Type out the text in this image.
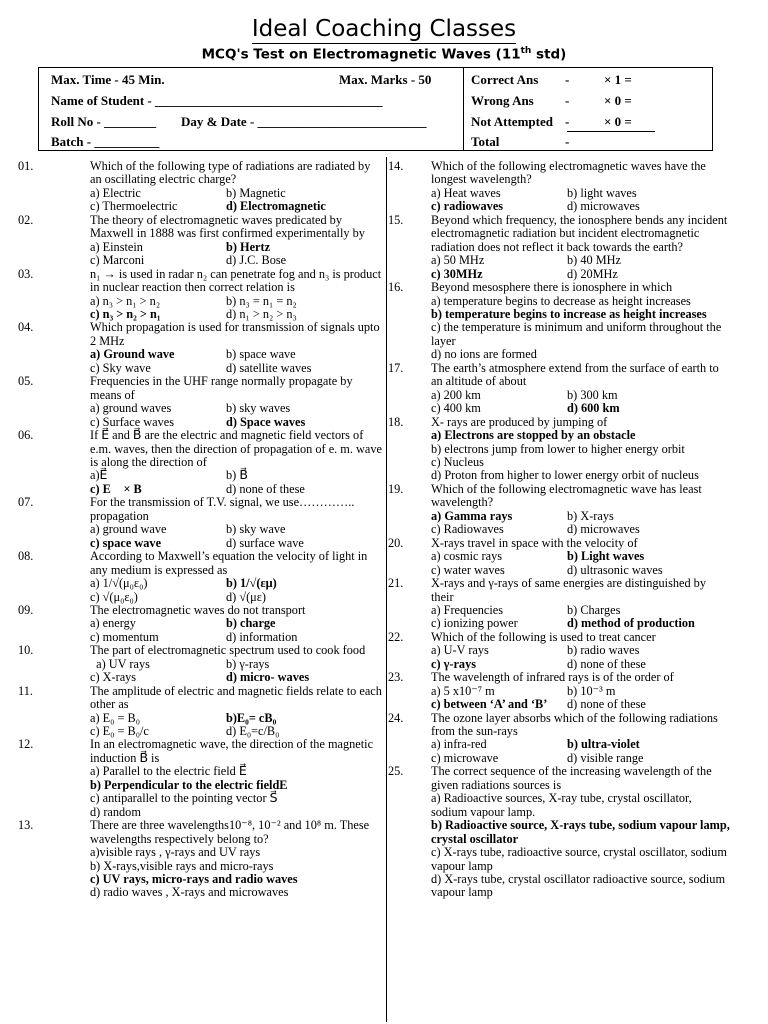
Ideal Coaching Classes
MCQ's Test on Electromagnetic Waves (11th std)
Max. Time - 45 Min.	Max. Marks - 50
Name of Student - ___________________________________
Roll No - ________ Day & Date - __________________________
Batch - __________
Correct Ans -	× 1 =
Wrong Ans -	× 0 =
Not Attempted -	× 0 =
Total	-
01.	Which of the following type of radiations are radiated by an oscillating electric charge?
a) Electric	b) Magnetic
c) Thermoelectric	d) Electromagnetic
02.	The theory of electromagnetic waves predicated by Maxwell in 1888 was first confirmed experimentally by
a) Einstein	b) Hertz
c) Marconi	d) J.C. Bose
03.	n₁ → is used in radar n₂ can penetrate fog and n₃ is product in nuclear reaction then correct relation is
a) n₃ > n₁ > n₂	b) n₃ = n₁ = n₂
c) n₃ > n₂ > n₁	d) n₁ > n₂ > n₃
04.	Which propagation is used for transmission of signals upto 2 MHz
a) Ground wave	b) space wave
c) Sky wave	d) satellite waves
05.	Frequencies in the UHF range normally propagate by means of
a) ground waves	b) sky waves
c) Surface waves	d) Space waves
06.	If E⃗ and B⃗ are the electric and magnetic field vectors of e.m. waves, then the direction of propagation of e. m. wave is along the direction of
a)E⃗	b) B⃗
c) E⃗ × B⃗	d) none of these
07.	For the transmission of T.V. signal, we use………….. propagation
a) ground wave	b) sky wave
c) space wave	d) surface wave
08.	According to Maxwell’s equation the velocity of light in any medium is expressed as
a) 1/√(μ₀ε₀)	b) 1/√(εμ)
c) √(μ₀ε₀)	d) √(με)
09.	The electromagnetic waves do not transport
a) energy	b) charge
c) momentum	d) information
10.	The part of electromagnetic spectrum used to cook food
a) UV rays	b) γ-rays
c) X-rays	d) micro- waves
11.	The amplitude of electric and magnetic fields relate to each other as
a) E₀ = B₀	b)E₀= cB₀
c) E₀ = B₀/c	d) E₀=c/B₀
12.	In an electromagnetic wave, the direction of the magnetic induction B⃗ is
a) Parallel to the electric field E⃗
b) Perpendicular to the electric fieldE⃗
c) antiparallel to the pointing vector S⃗
d) random
13.	There are three wavelengths10⁻⁸, 10⁻² and 10⁸ m. These wavelengths respectively belong to?
a)visible rays , γ-rays and UV rays
b) X-rays,visible rays and micro-rays
c) UV rays, micro-rays and radio waves
d) radio waves , X-rays and microwaves
14. Which of the following electromagnetic waves have the longest wavelength?
a) Heat waves	b) light waves
c) radiowaves	d) microwaves
15. Beyond which frequency, the ionosphere bends any incident electromagnetic radiation but incident electromagnetic radiation does not reflect it back towards the earth?
a) 50 MHz	b) 40 MHz
c) 30MHz	d) 20MHz
16. Beyond mesosphere there is ionosphere in which
a) temperature begins to decrease as height increases
b) temperature begins to increase as height increases
c) the temperature is minimum and uniform throughout the layer
d) no ions are formed
17. The earth’s atmosphere extend from the surface of earth to an altitude of about
a) 200 km	b) 300 km
c) 400 km	d) 600 km
18. X- rays are produced by jumping of
a) Electrons are stopped by an obstacle
b) electrons jump from lower to higher energy orbit
c) Nucleus
d) Proton from higher to lower energy orbit of nucleus
19. Which of the following electromagnetic wave has least wavelength?
a) Gamma rays	b) X-rays
c) Radiowaves	d) microwaves
20. X-rays travel in space with the velocity of
a) cosmic rays	b) Light waves
c) water waves	d) ultrasonic waves
21. X-rays and γ-rays of same energies are distinguished by their
a) Frequencies	b) Charges
c) ionizing power	d) method of production
22. Which of the following is used to treat cancer
a) U-V rays	b) radio waves
c) γ-rays	d) none of these
23. The wavelength of infrared rays is of the order of
a) 5 x10⁻⁷ m	b) 10⁻³ m
c) between ‘A’ and ‘B’	d) none of these
24. The ozone layer absorbs which of the following radiations from the sun-rays
a) infra-red	b) ultra-violet
c) microwave	d) visible range
25. The correct sequence of the increasing wavelength of the given radiations sources is
a) Radioactive sources, X-ray tube, crystal oscillator, sodium vapour lamp.
b) Radioactive source, X-rays tube, sodium vapour lamp, crystal oscillator
c) X-rays tube, radioactive source, crystal oscillator, sodium vapour lamp
d) X-rays tube, crystal oscillator radioactive source, sodium vapour lamp
